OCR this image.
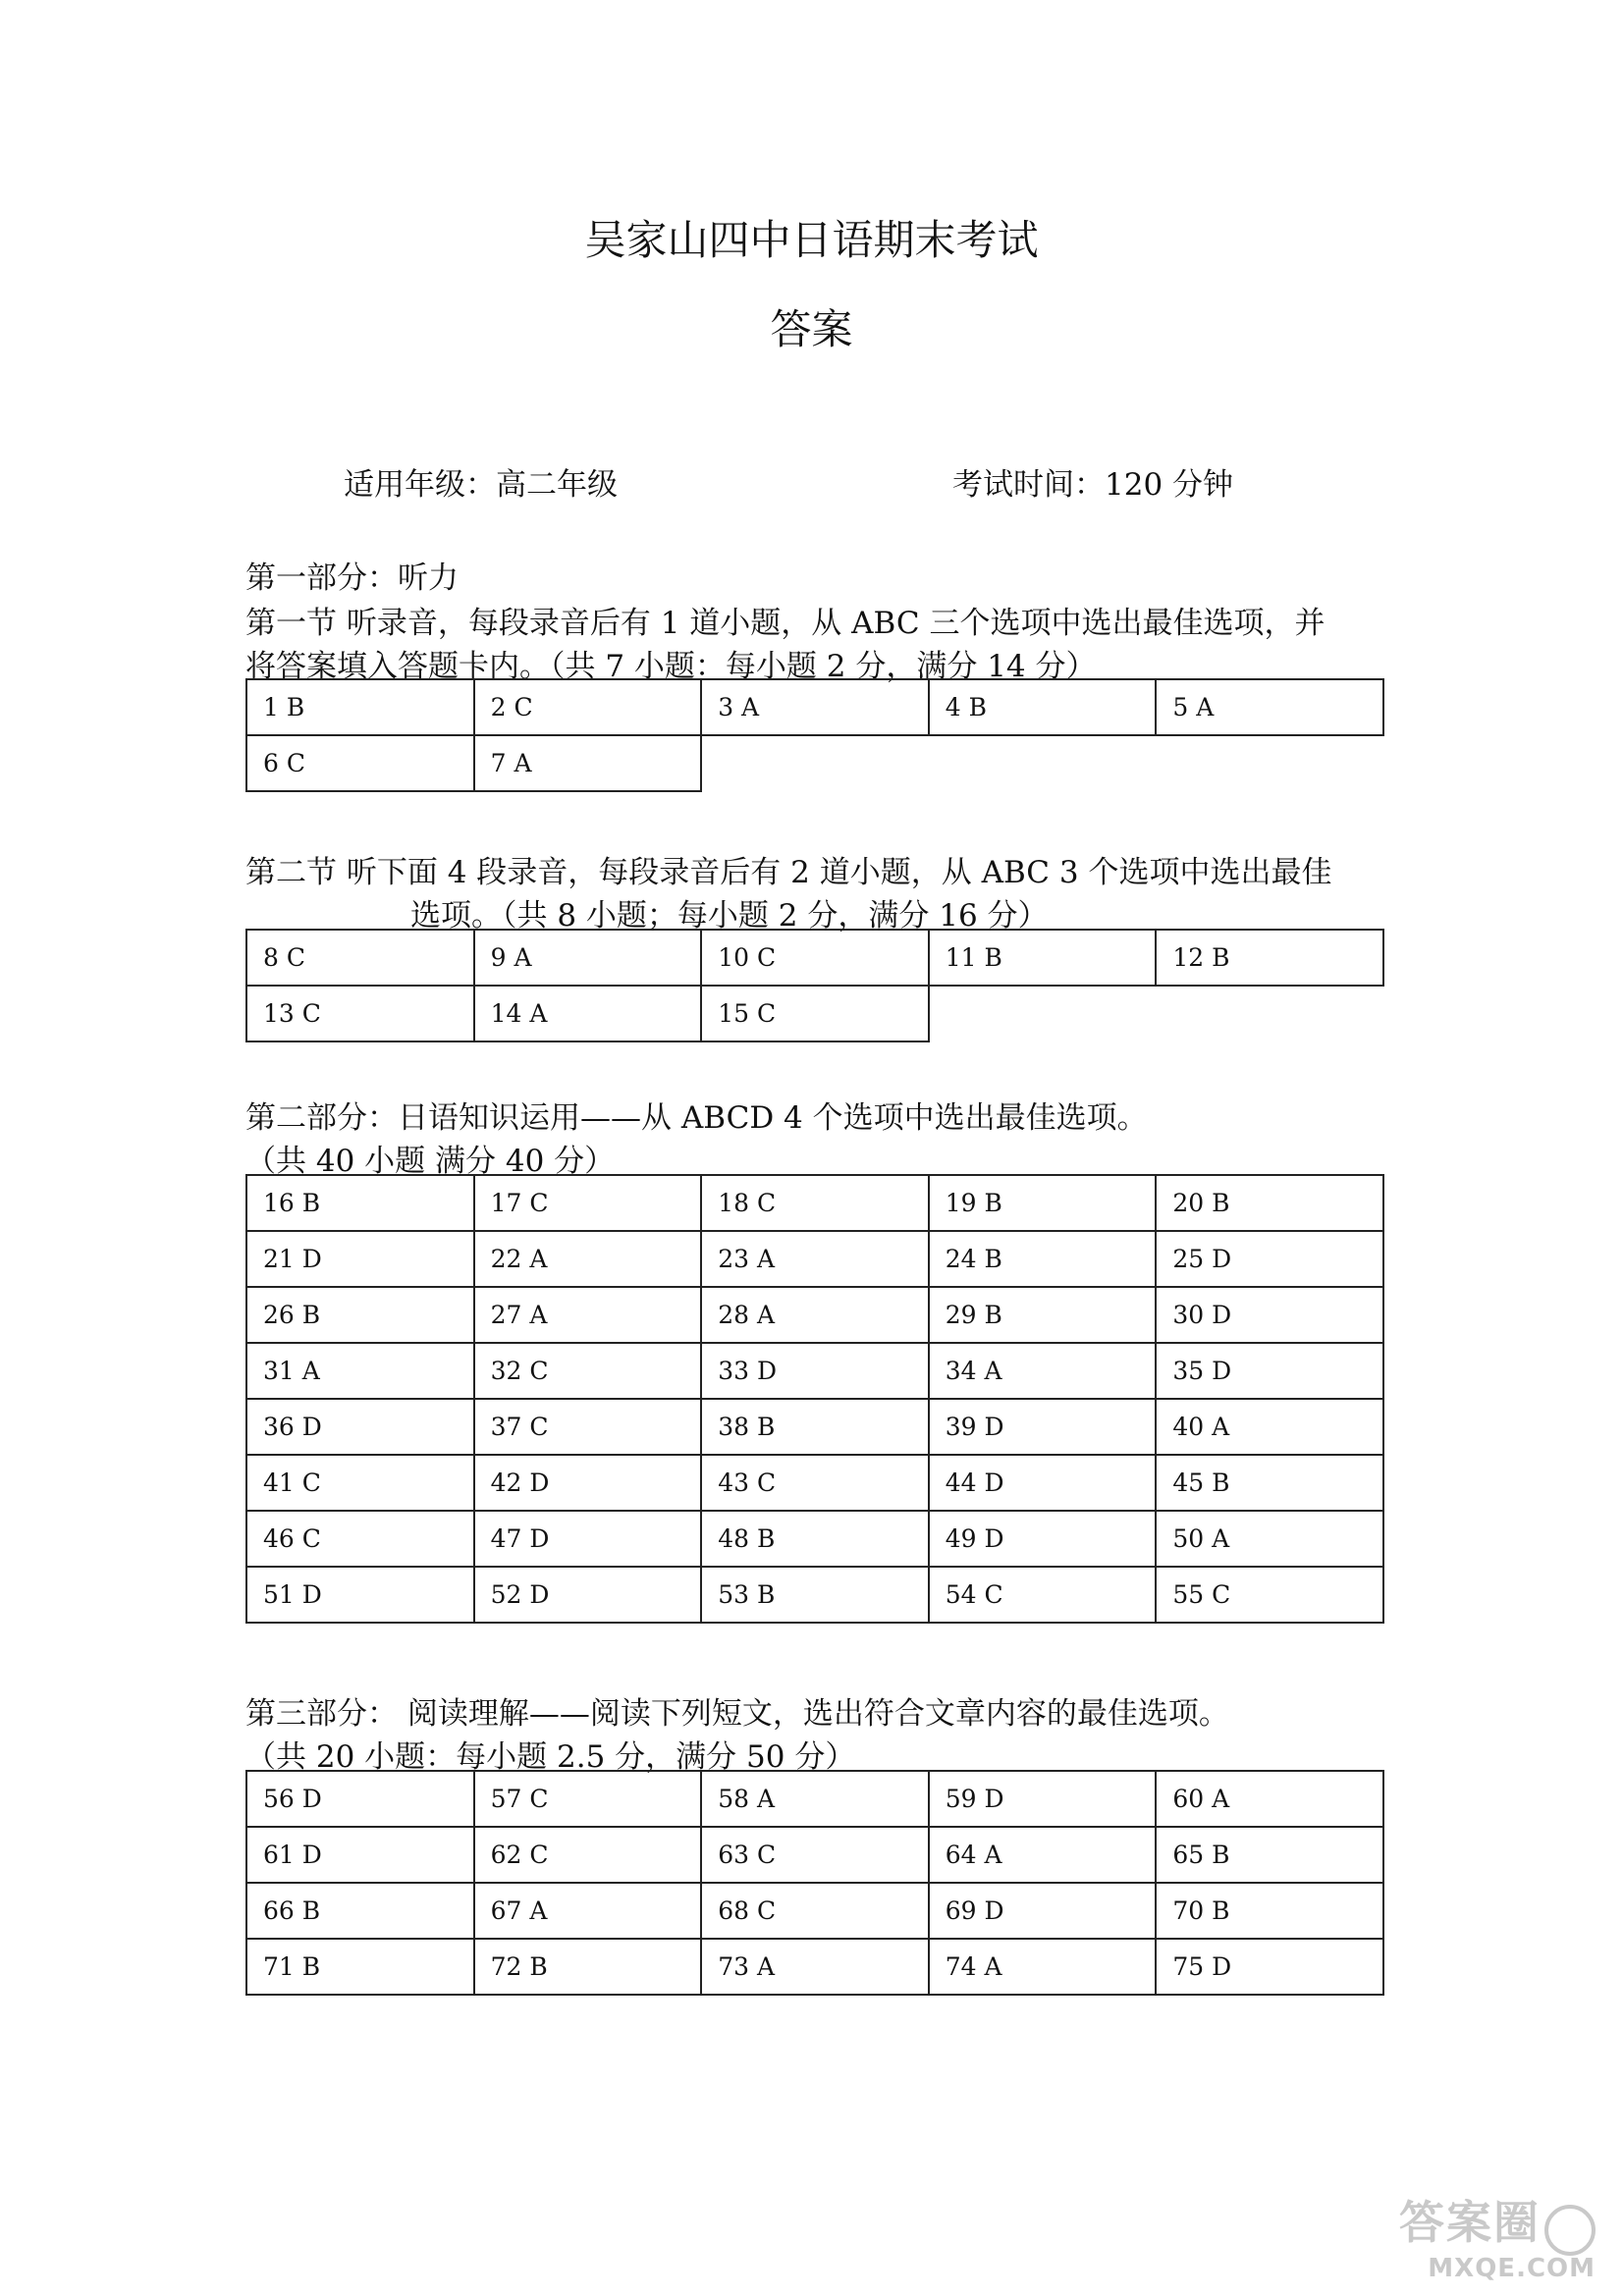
吴家山四中日语期末考试
答案
适用年级：高二年级	考试时间：120 分钟
第一部分：听力
第一节 听录音，每段录音后有 1 道小题，从 ABC 三个选项中选出最佳选项，并
将答案填入答题卡内。（共 7 小题：每小题 2 分，满分 14 分）
1 B	2 C	3 A	4 B	5 A
6 C	7 A			
第二节 听下面 4 段录音，每段录音后有 2 道小题，从 ABC 3 个选项中选出最佳
选项。（共 8 小题；每小题 2 分，满分 16 分）
8 C	9 A	10 C	11 B	12 B
13 C	14 A	15 C		
第二部分：日语知识运用——从 ABCD 4 个选项中选出最佳选项。
（共 40 小题 满分 40 分）
16 B	17 C	18 C	19 B	20 B
21 D	22 A	23 A	24 B	25 D
26 B	27 A	28 A	29 B	30 D
31 A	32 C	33 D	34 A	35 D
36 D	37 C	38 B	39 D	40 A
41 C	42 D	43 C	44 D	45 B
46 C	47 D	48 B	49 D	50 A
51 D	52 D	53 B	54 C	55 C
第三部分： 阅读理解——阅读下列短文，选出符合文章内容的最佳选项。
（共 20 小题：每小题 2.5 分，满分 50 分）
56 D	57 C	58 A	59 D	60 A
61 D	62 C	63 C	64 A	65 B
66 B	67 A	68 C	69 D	70 B
71 B	72 B	73 A	74 A	75 D
答案圈
MXQE.COM
